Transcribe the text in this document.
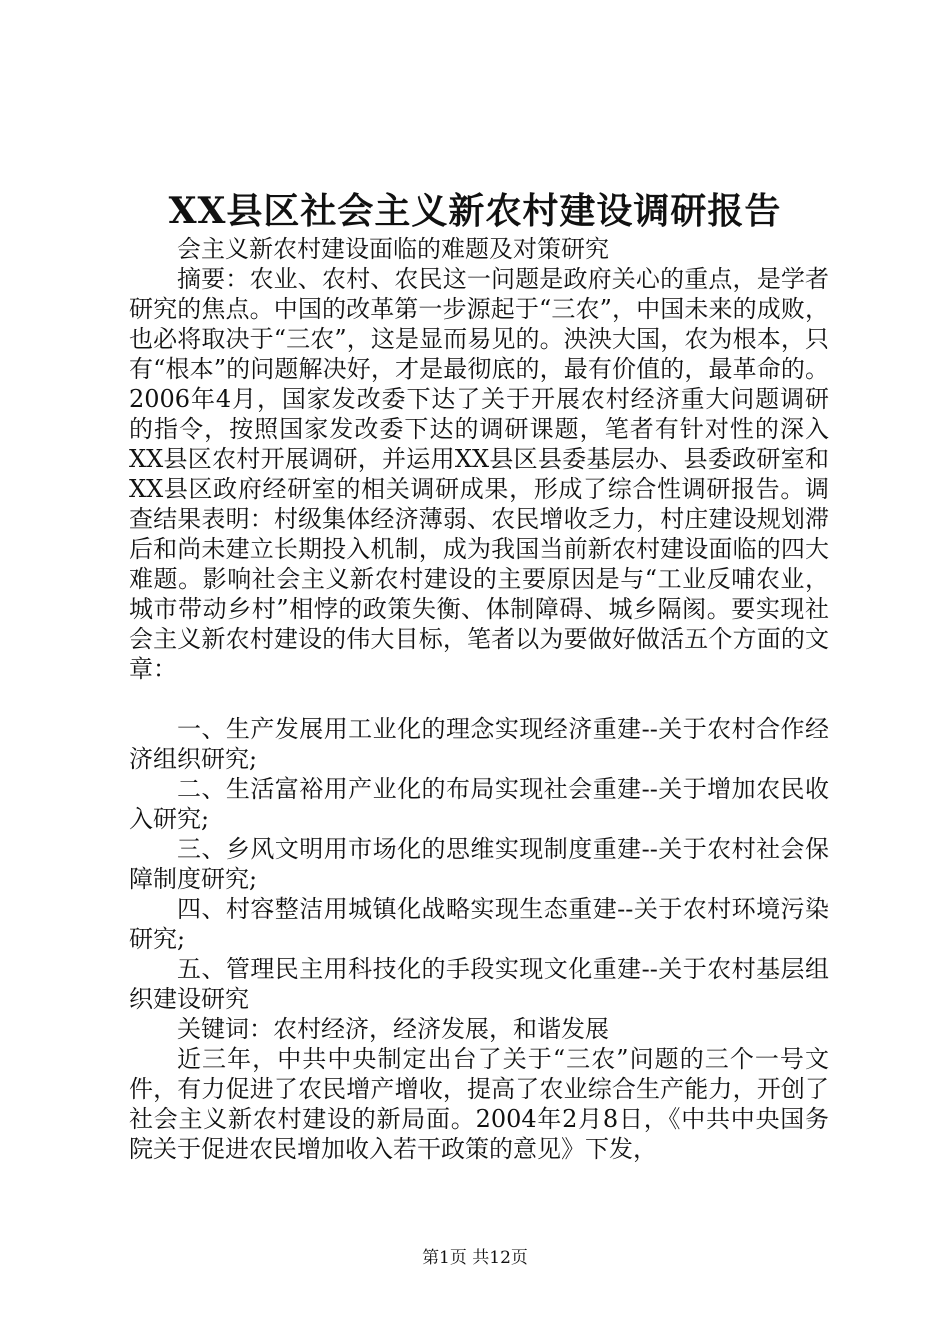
XX县区社会主义新农村建设调研报告

会主义新农村建设面临的难题及对策研究

摘要：农业、农村、农民这一问题是政府关心的重点，是学者研究的焦点。中国的改革第一步源起于“三农”，中国未来的成败，也必将取决于“三农”，这是显而易见的。泱泱大国，农为根本，只有“根本”的问题解决好，才是最彻底的，最有价值的，最革命的。2006年4月，国家发改委下达了关于开展农村经济重大问题调研的指令，按照国家发改委下达的调研课题，笔者有针对性的深入XX县区农村开展调研，并运用XX县区县委基层办、县委政研室和XX县区政府经研室的相关调研成果，形成了综合性调研报告。调查结果表明：村级集体经济薄弱、农民增收乏力，村庄建设规划滞后和尚未建立长期投入机制，成为我国当前新农村建设面临的四大难题。影响社会主义新农村建设的主要原因是与“工业反哺农业，城市带动乡村”相悖的政策失衡、体制障碍、城乡隔阂。要实现社会主义新农村建设的伟大目标，笔者以为要做好做活五个方面的文章：

一、生产发展用工业化的理念实现经济重建--关于农村合作经济组织研究;

二、生活富裕用产业化的布局实现社会重建--关于增加农民收入研究;

三、乡风文明用市场化的思维实现制度重建--关于农村社会保障制度研究;

四、村容整洁用城镇化战略实现生态重建--关于农村环境污染研究;

五、管理民主用科技化的手段实现文化重建--关于农村基层组织建设研究

关键词：农村经济，经济发展，和谐发展

近三年，中共中央制定出台了关于“三农”问题的三个一号文件，有力促进了农民增产增收，提高了农业综合生产能力，开创了社会主义新农村建设的新局面。2004年2月8日，《中共中央国务院关于促进农民增加收入若干政策的意见》下发，

第1页 共12页
